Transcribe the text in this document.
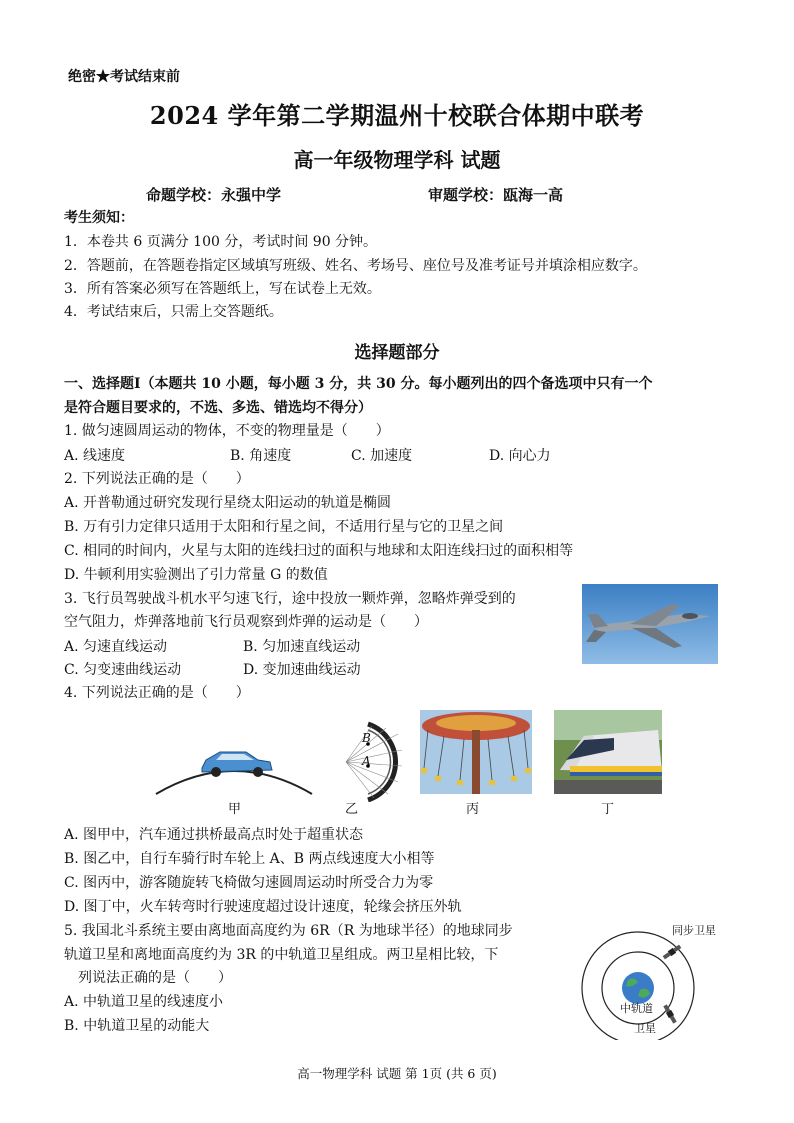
绝密★考试结束前
2024 学年第二学期温州十校联合体期中联考
高一年级物理学科 试题
命题学校：永强中学	审题学校：瓯海一高
考生须知：
1．本卷共 6 页满分 100 分，考试时间 90 分钟。
2．答题前，在答题卷指定区域填写班级、姓名、考场号、座位号及准考证号并填涂相应数字。
3．所有答案必须写在答题纸上，写在试卷上无效。
4．考试结束后，只需上交答题纸。
选择题部分
一、选择题Ⅰ（本题共 10 小题，每小题 3 分，共 30 分。每小题列出的四个备选项中只有一个
是符合题目要求的，不选、多选、错选均不得分）
1. 做匀速圆周运动的物体，不变的物理量是（　　）
A. 线速度	B. 角速度	C. 加速度	D. 向心力
2. 下列说法正确的是（　　）
A. 开普勒通过研究发现行星绕太阳运动的轨道是椭圆
B. 万有引力定律只适用于太阳和行星之间，不适用行星与它的卫星之间
C. 相同的时间内，火星与太阳的连线扫过的面积与地球和太阳连线扫过的面积相等
D. 牛顿利用实验测出了引力常量 G 的数值
3. 飞行员驾驶战斗机水平匀速飞行，途中投放一颗炸弹，忽略炸弹受到的
空气阻力，炸弹落地前飞行员观察到炸弹的运动是（　　）
A. 匀速直线运动	B. 匀加速直线运动
C. 匀变速曲线运动	D. 变加速曲线运动
4. 下列说法正确的是（　　）
B
A
甲	乙	丙	丁
A. 图甲中，汽车通过拱桥最高点时处于超重状态
B. 图乙中，自行车骑行时车轮上 A、B 两点线速度大小相等
C. 图丙中，游客随旋转飞椅做匀速圆周运动时所受合力为零
D. 图丁中，火车转弯时行驶速度超过设计速度，轮缘会挤压外轨
5. 我国北斗系统主要由离地面高度约为 6R（R 为地球半径）的地球同步
轨道卫星和离地面高度约为 3R 的中轨道卫星组成。两卫星相比较，下
列说法正确的是（　　）
A. 中轨道卫星的线速度小
B. 中轨道卫星的动能大
同步卫星
中轨道
卫星
高一物理学科 试题 第 1页 (共 6 页)
